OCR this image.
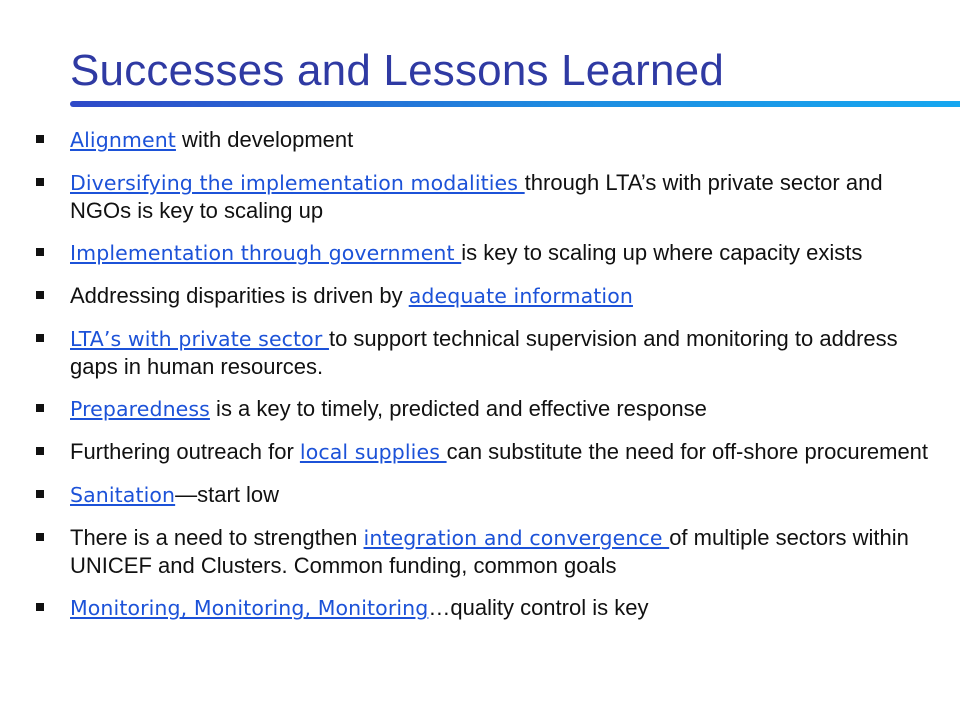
Successes and Lessons Learned
Alignment with development
Diversifying the implementation modalities through LTA’s with private sector and NGOs is key to scaling up
Implementation through government is key to scaling up where capacity exists
Addressing disparities is driven by adequate information
LTA’s with private sector to support technical supervision and monitoring to address gaps in human resources.
Preparedness is a key to timely, predicted and effective response
Furthering outreach for local supplies can substitute the need for off-shore procurement
Sanitation—start low
There is a need to strengthen integration and convergence of multiple sectors within UNICEF and Clusters. Common funding, common goals
Monitoring, Monitoring, Monitoring…quality control is key
